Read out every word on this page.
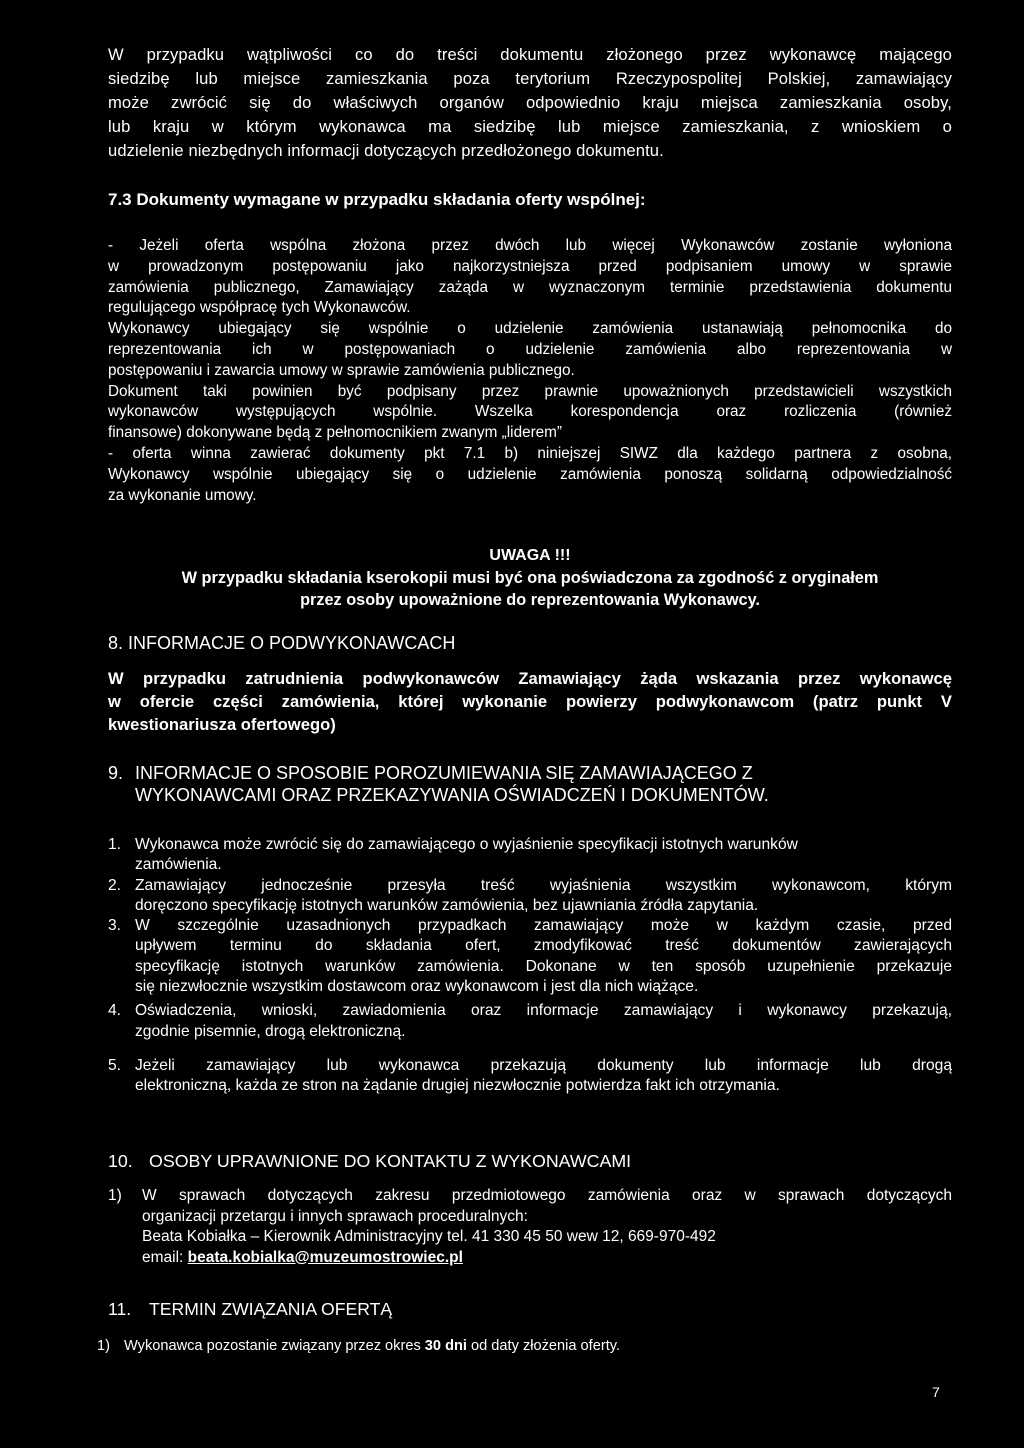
W przypadku wątpliwości co do treści dokumentu złożonego przez wykonawcę mającego

siedzibę lub miejsce zamieszkania poza terytorium Rzeczypospolitej Polskiej, zamawiający

może zwrócić się do właściwych organów odpowiednio kraju miejsca zamieszkania osoby,

lub kraju w którym wykonawca ma siedzibę lub miejsce zamieszkania, z wnioskiem o

udzielenie niezbędnych informacji dotyczących przedłożonego dokumentu.

7.3 Dokumenty wymagane w przypadku składania oferty wspólnej:

- Jeżeli oferta wspólna złożona przez dwóch lub więcej Wykonawców zostanie wyłoniona

w prowadzonym postępowaniu jako najkorzystniejsza przed podpisaniem umowy w sprawie

zamówienia publicznego, Zamawiający zażąda w wyznaczonym terminie przedstawienia dokumentu

regulującego współpracę tych Wykonawców.

Wykonawcy ubiegający się wspólnie o udzielenie zamówienia ustanawiają pełnomocnika do

reprezentowania ich w postępowaniach o udzielenie zamówienia albo reprezentowania w

postępowaniu i zawarcia umowy w sprawie zamówienia publicznego.

Dokument taki powinien być podpisany przez prawnie upoważnionych przedstawicieli wszystkich

wykonawców występujących wspólnie. Wszelka korespondencja oraz rozliczenia (również

finansowe) dokonywane będą z pełnomocnikiem zwanym „liderem”

- oferta winna zawierać dokumenty pkt 7.1 b) niniejszej SIWZ dla każdego partnera z osobna,

Wykonawcy wspólnie ubiegający się o udzielenie zamówienia ponoszą solidarną odpowiedzialność

za wykonanie umowy.

UWAGA !!!

W przypadku składania kserokopii musi być ona poświadczona za zgodność z oryginałem

przez osoby upoważnione do reprezentowania Wykonawcy.

8. INFORMACJE O PODWYKONAWCACH

W przypadku zatrudnienia podwykonawców Zamawiający żąda wskazania przez wykonawcę

w ofercie części zamówienia, której wykonanie powierzy podwykonawcom (patrz punkt V

kwestionariusza ofertowego)

9. INFORMACJE O SPOSOBIE POROZUMIEWANIA SIĘ ZAMAWIAJĄCEGO Z

WYKONAWCAMI ORAZ PRZEKAZYWANIA OŚWIADCZEŃ I DOKUMENTÓW.

1. Wykonawca może zwrócić się do zamawiającego o wyjaśnienie specyfikacji istotnych warunków

zamówienia.

2. Zamawiający jednocześnie przesyła treść wyjaśnienia wszystkim wykonawcom, którym

doręczono specyfikację istotnych warunków zamówienia, bez ujawniania źródła zapytania.

3. W szczególnie uzasadnionych przypadkach zamawiający może w każdym czasie, przed

upływem terminu do składania ofert, zmodyfikować treść dokumentów zawierających

specyfikację istotnych warunków zamówienia. Dokonane w ten sposób uzupełnienie przekazuje

się niezwłocznie wszystkim dostawcom oraz wykonawcom i jest dla nich wiążące.

4. Oświadczenia, wnioski, zawiadomienia oraz informacje zamawiający i wykonawcy przekazują,

zgodnie pisemnie, drogą elektroniczną.

5. Jeżeli zamawiający lub wykonawca przekazują dokumenty lub informacje lub drogą

elektroniczną, każda ze stron na żądanie drugiej niezwłocznie potwierdza fakt ich otrzymania.

10. OSOBY UPRAWNIONE DO KONTAKTU Z WYKONAWCAMI
1) W sprawach dotyczących zakresu przedmiotowego zamówienia oraz w sprawach dotyczących

organizacji przetargu i innych sprawach proceduralnych:

Beata Kobiałka – Kierownik Administracyjny tel. 41 330 45 50 wew 12, 669-970-492

email: beata.kobialka@muzeumostrowiec.pl

11.	TERMIN ZWIĄZANIA OFERTĄ
1) Wykonawca pozostanie związany przez okres 30 dni od daty złożenia oferty.

7
